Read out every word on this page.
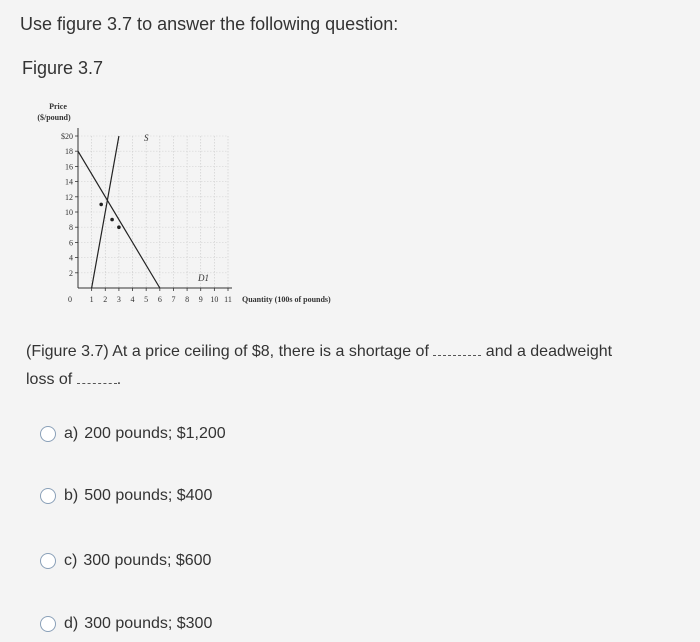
Use figure 3.7 to answer the following question:
Figure 3.7
$20
18
16
14
12
10
8
6
4
2
1 2 3 4 5 6 7 8 9 10 11
Price
($/pound)
Quantity (100s of pounds)
0
S
D1
(Figure 3.7) At a price ceiling of $8, there is a shortage of	and a deadweight
loss of	.
a) 200 pounds; $1,200
b) 500 pounds; $400
c) 300 pounds; $600
d) 300 pounds; $300
